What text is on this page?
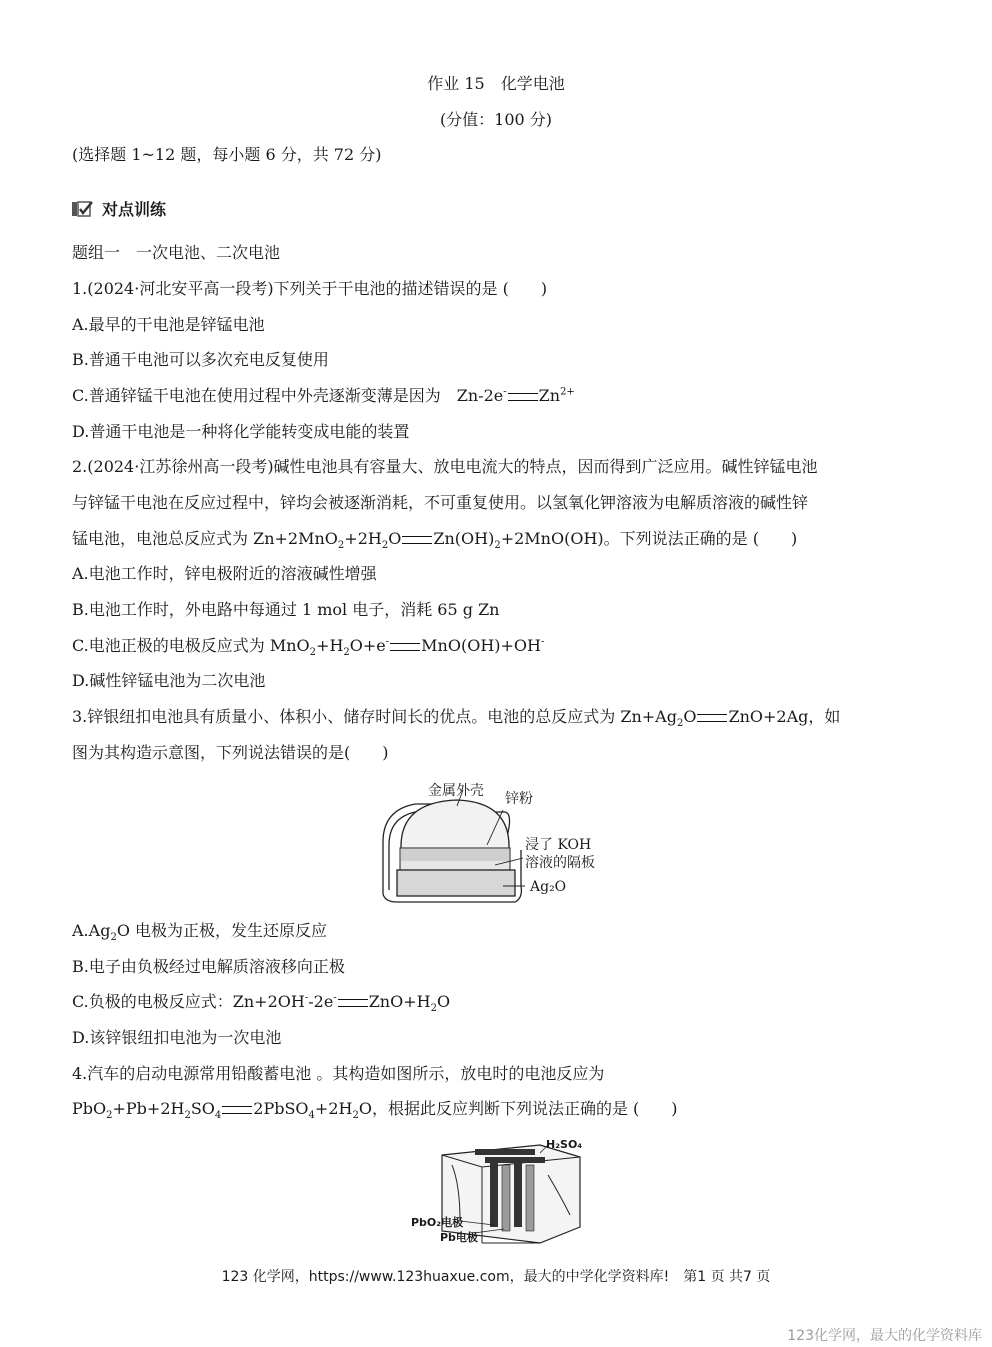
作业 15　化学电池
(分值：100 分)
(选择题 1~12 题，每小题 6 分，共 72 分)
对点训练
题组一　一次电池、二次电池
1.(2024·河北安平高一段考)下列关于干电池的描述错误的是 (　　)
A.最早的干电池是锌锰电池
B.普通干电池可以多次充电反复使用
C.普通锌锰干电池在使用过程中外壳逐渐变薄是因为　Zn-2e- $Zn^{2+}$
D.普通干电池是一种将化学能转变成电能的装置
2.(2024·江苏徐州高一段考)碱性电池具有容量大、放电电流大的特点，因而得到广泛应用。碱性锌锰电池
与锌锰干电池在反应过程中，锌均会被逐渐消耗，不可重复使用。以氢氧化钾溶液为电解质溶液的碱性锌
锰电池，电池总反应式为 $Zn+2MnO_2+2H_2O$ $Zn(OH)_2+2MnO(OH)$。下列说法正确的是 (　　)
A.电池工作时，锌电极附近的溶液碱性增强
B.电池工作时，外电路中每通过 1 mol 电子，消耗 65 g Zn
C.电池正极的电极反应式为 $MnO_2+H_2O+e^-$ MnO(OH)+OH-
D.碱性锌锰电池为二次电池
3.锌银纽扣电池具有质量小、体积小、储存时间长的优点。电池的总反应式为 $Zn+Ag_2O$ ZnO+2Ag，如
图为其构造示意图，下列说法错误的是(　　)
金属外壳 锌粉
浸了 KOH
溶液的隔板
Ag₂O
$A.Ag_2O$ 电极为正极，发生还原反应
B.电子由负极经过电解质溶液移向正极
C.负极的电极反应式：Zn+2OH--2e- $ZnO+H_2O$
D.该锌银纽扣电池为一次电池
4.汽车的启动电源常用铅酸蓄电池 。其构造如图所示，放电时的电池反应为
$PbO_2+Pb+2H_2SO_4$ $2PbSO_4+2H_2O$，根据此反应判断下列说法正确的是 (　　)
H₂SO₄
PbO₂电极
Pb电极
123 化学网，https://www.123huaxue.com，最大的中学化学资料库!　第1 页 共7 页
123化学网，最大的化学资料库
